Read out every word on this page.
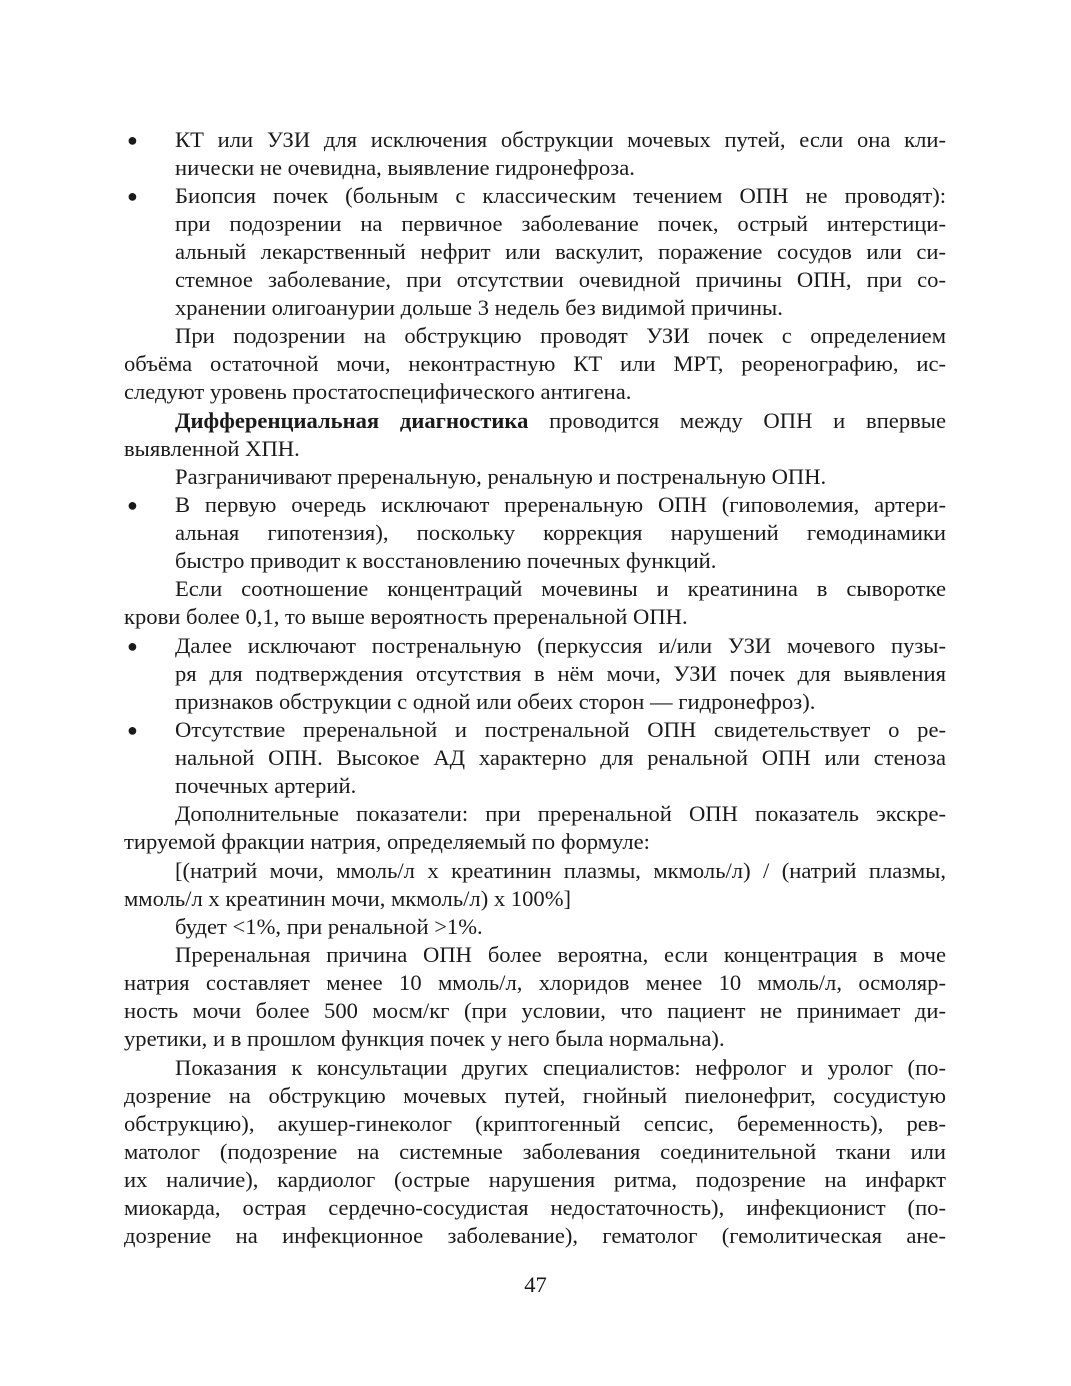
●	КТ или УЗИ для исключения обструкции мочевых путей, если она кли-
нически не очевидна, выявление гидронефроза.
●	Биопсия почек (больным с классическим течением ОПН не проводят):
при подозрении на первичное заболевание почек, острый интерстици-
альный лекарственный нефрит или васкулит, поражение сосудов или си-
стемное заболевание, при отсутствии очевидной причины ОПН, при со-
хранении олигоанурии дольше 3 недель без видимой причины.
При подозрении на обструкцию проводят УЗИ почек с определением
объёма остаточной мочи, неконтрастную КТ или МРТ, реоренографию, ис-
следуют уровень простатоспецифического антигена.
Дифференциальная диагностика проводится между ОПН и впервые
выявленной ХПН.
Разграничивают преренальную, ренальную и постренальную ОПН.
●	В первую очередь исключают преренальную ОПН (гиповолемия, артери-
альная гипотензия), поскольку коррекция нарушений гемодинамики
быстро приводит к восстановлению почечных функций.
Если соотношение концентраций мочевины и креатинина в сыворотке
крови более 0,1, то выше вероятность преренальной ОПН.
●	Далее исключают постренальную (перкуссия и/или УЗИ мочевого пузы-
ря для подтверждения отсутствия в нём мочи, УЗИ почек для выявления
признаков обструкции с одной или обеих сторон — гидронефроз).
●	Отсутствие преренальной и постренальной ОПН свидетельствует о ре-
нальной ОПН. Высокое АД характерно для ренальной ОПН или стеноза
почечных артерий.
Дополнительные показатели: при преренальной ОПН показатель экскре-
тируемой фракции натрия, определяемый по формуле:
[(натрий мочи, ммоль/л х креатинин плазмы, мкмоль/л) / (натрий плазмы,
ммоль/л х креатинин мочи, мкмоль/л) х 100%]
будет <1%, при ренальной >1%.
Преренальная причина ОПН более вероятна, если концентрация в моче
натрия составляет менее 10 ммоль/л, хлоридов менее 10 ммоль/л, осмоляр-
ность мочи более 500 мосм/кг (при условии, что пациент не принимает ди-
уретики, и в прошлом функция почек у него была нормальна).
Показания к консультации других специалистов: нефролог и уролог (по-
дозрение на обструкцию мочевых путей, гнойный пиелонефрит, сосудистую
обструкцию), акушер-гинеколог (криптогенный сепсис, беременность), рев-
матолог (подозрение на системные заболевания соединительной ткани или
их наличие), кардиолог (острые нарушения ритма, подозрение на инфаркт
миокарда, острая сердечно-сосудистая недостаточность), инфекционист (по-
дозрение на инфекционное заболевание), гематолог (гемолитическая ане-
47
